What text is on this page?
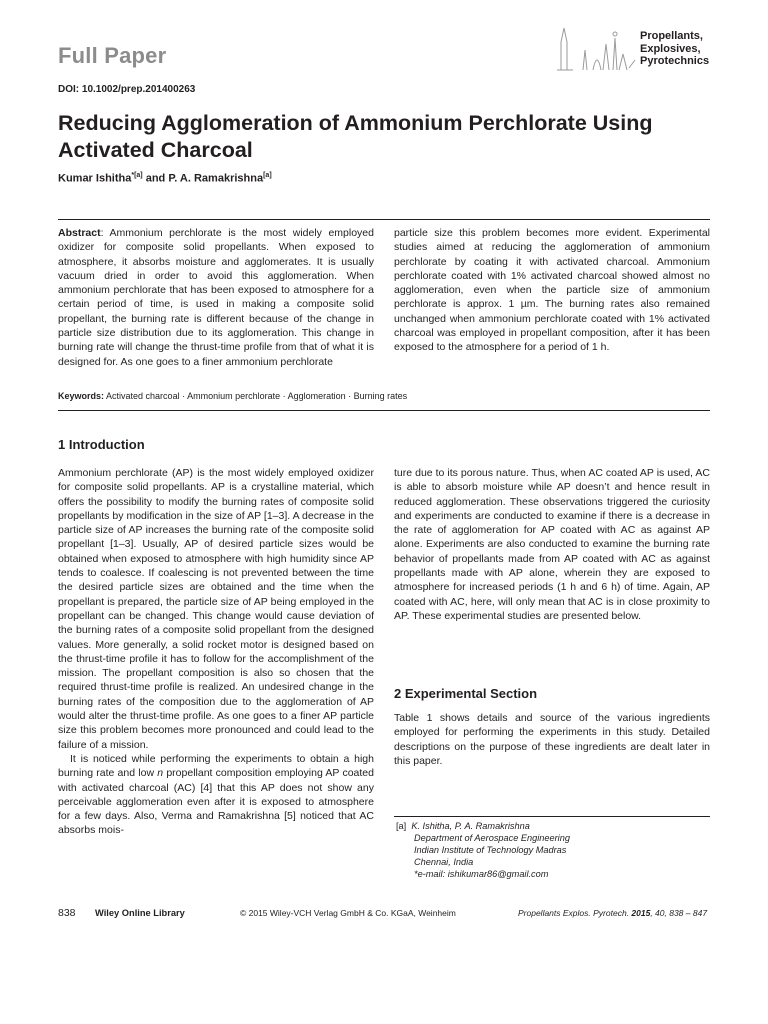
Full Paper
Propellants,
Explosives,
Pyrotechnics
DOI: 10.1002/prep.201400263
Reducing Agglomeration of Ammonium Perchlorate Using Activated Charcoal
Kumar Ishitha$^{*[a]}$ and P. A. Ramakrishna[a]

Abstract: Ammonium perchlorate is the most widely employed oxidizer for composite solid propellants. When exposed to atmosphere, it absorbs moisture and agglomerates. It is usually vacuum dried in order to avoid this agglomeration. When ammonium perchlorate that has been exposed to atmosphere for a certain period of time, is used in making a composite solid propellant, the burning rate is different because of the change in particle size distribution due to its agglomeration. This change in burning rate will change the thrust-time profile from that of what it is designed for. As one goes to a finer ammonium perchlorate

particle size this problem becomes more evident. Experimental studies aimed at reducing the agglomeration of ammonium perchlorate by coating it with activated charcoal. Ammonium perchlorate coated with 1% activated charcoal showed almost no agglomeration, even when the particle size of ammonium perchlorate is approx. 1 µm. The burning rates also remained unchanged when ammonium perchlorate coated with 1% activated charcoal was employed in propellant composition, after it has been exposed to the atmosphere for a period of 1 h.

Keywords: Activated charcoal · Ammonium perchlorate · Agglomeration · Burning rates
1 Introduction

Ammonium perchlorate (AP) is the most widely employed oxidizer for composite solid propellants. AP is a crystalline material, which offers the possibility to modify the burning rates of composite solid propellants by modification in the size of AP [1–3]. A decrease in the particle size of AP increases the burning rate of the composite solid propellant [1–3]. Usually, AP of desired particle sizes would be obtained when exposed to atmosphere with high humidity since AP tends to coalesce. If coalescing is not prevented between the time the desired particle sizes are obtained and the time when the propellant is prepared, the particle size of AP being employed in the propellant can be changed. This change would cause deviation of the burning rates of a composite solid propellant from the designed values. More generally, a solid rocket motor is designed based on the thrust-time profile it has to follow for the accomplishment of the mission. The propellant composition is also so chosen that the required thrust-time profile is realized. An undesired change in the burning rates of the composition due to the agglomeration of AP would alter the thrust-time profile. As one goes to a finer AP particle size this problem becomes more pronounced and could lead to the failure of a mission.

It is noticed while performing the experiments to obtain a high burning rate and low n propellant composition employing AP coated with activated charcoal (AC) [4] that this AP does not show any perceivable agglomeration even after it is exposed to atmosphere for a few days. Also, Verma and Ramakrishna [5] noticed that AC absorbs mois-

ture due to its porous nature. Thus, when AC coated AP is used, AC is able to absorb moisture while AP doesn’t and hence result in reduced agglomeration. These observations triggered the curiosity and experiments are conducted to examine if there is a decrease in the rate of agglomeration for AP coated with AC as against AP alone. Experiments are also conducted to examine the burning rate behavior of propellants made from AP coated with AC as against propellants made with AP alone, wherein they are exposed to atmosphere for increased periods (1 h and 6 h) of time. Again, AP coated with AC, here, will only mean that AC is in close proximity to AP. These experimental studies are presented below.

2 Experimental Section
Table 1 shows details and source of the various ingredients employed for performing the experiments in this study. Detailed descriptions on the purpose of these ingredients are dealt later in this paper.
[a] K. Ishitha, P. A. Ramakrishna
Department of Aerospace Engineering
Indian Institute of Technology Madras
Chennai, India
*e-mail: ishikumar86@gmail.com
838 Wiley Online Library	© 2015 Wiley-VCH Verlag GmbH & Co. KGaA, Weinheim	Propellants Explos. Pyrotech. 2015, 40, 838 – 847
